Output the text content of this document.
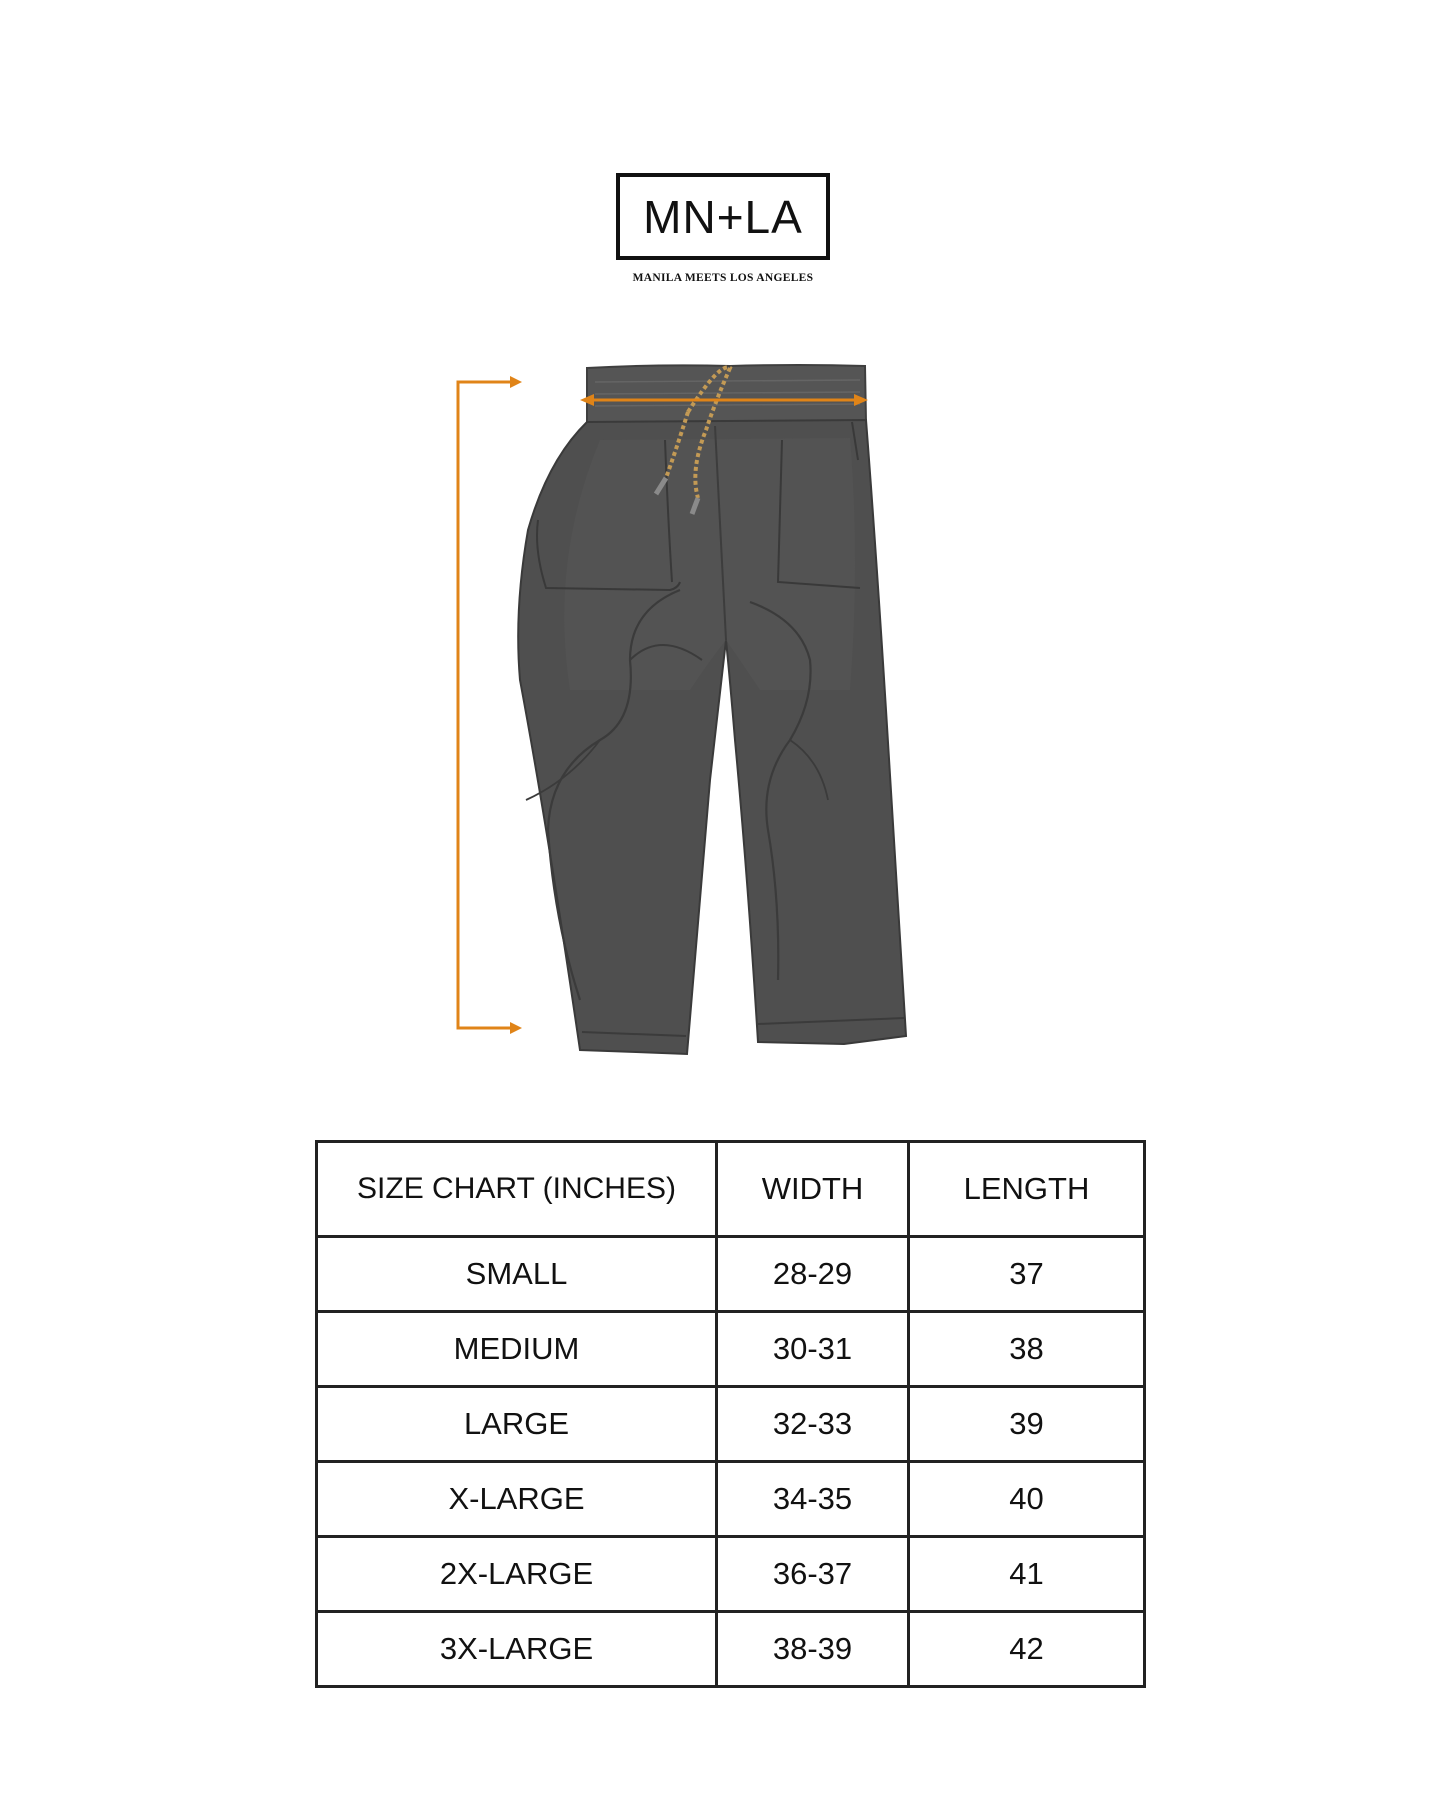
MN+LA
MANILA MEETS LOS ANGELES
SIZE CHART (INCHES)	WIDTH	LENGTH
SMALL	28-29	37
MEDIUM	30-31	38
LARGE	32-33	39
X-LARGE	34-35	40
2X-LARGE	36-37	41
3X-LARGE	38-39	42
